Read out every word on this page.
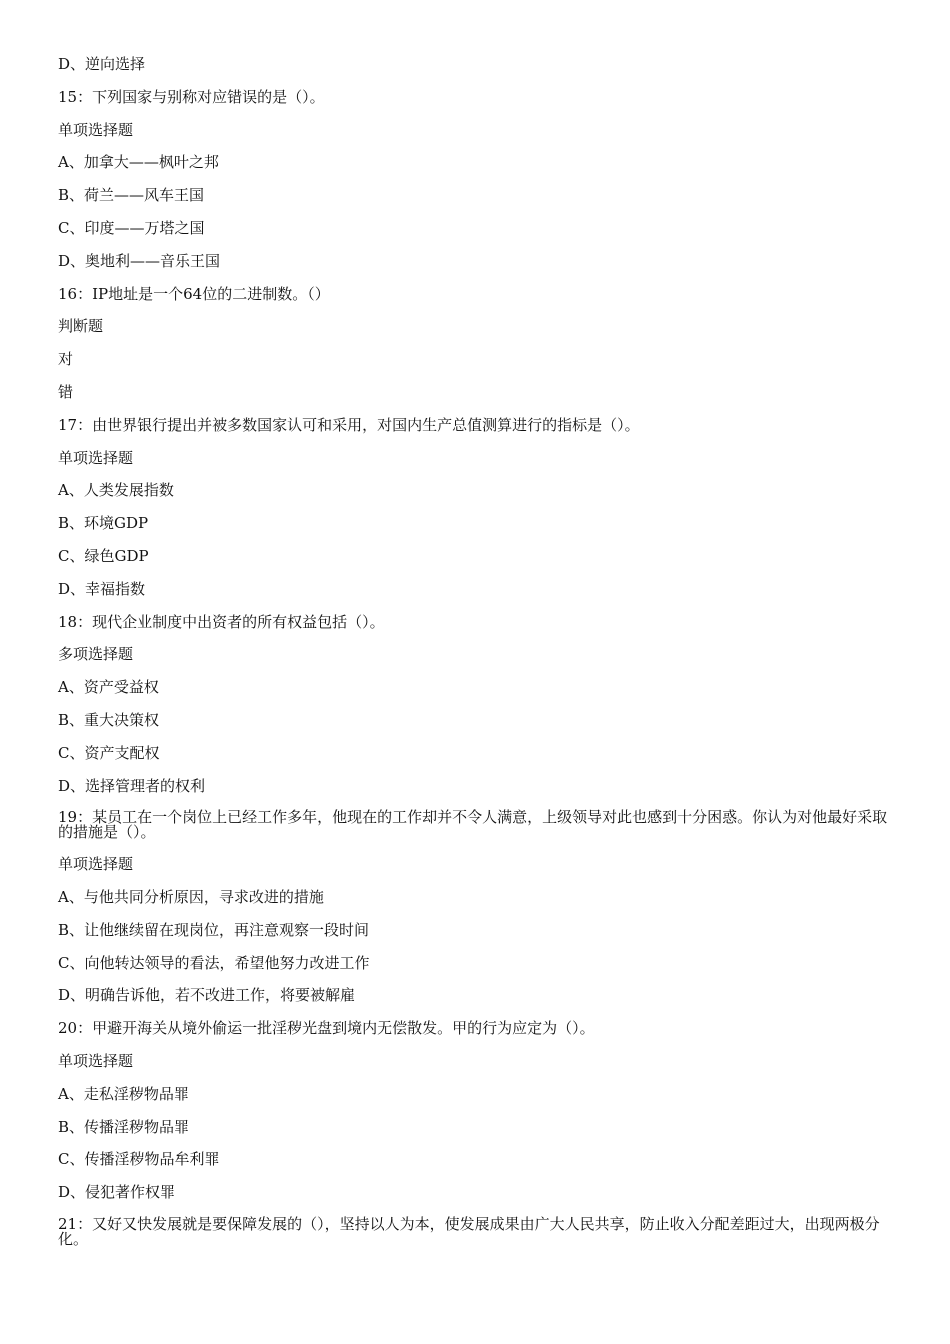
D、逆向选择
15：下列国家与别称对应错误的是（）。
单项选择题
A、加拿大——枫叶之邦
B、荷兰——风车王国
C、印度——万塔之国
D、奥地利——音乐王国
16：IP地址是一个64位的二进制数。（）
判断题
对
错
17：由世界银行提出并被多数国家认可和采用，对国内生产总值测算进行的指标是（）。
单项选择题
A、人类发展指数
B、环境GDP
C、绿色GDP
D、幸福指数
18：现代企业制度中出资者的所有权益包括（）。
多项选择题
A、资产受益权
B、重大决策权
C、资产支配权
D、选择管理者的权利
19：某员工在一个岗位上已经工作多年，他现在的工作却并不令人满意，上级领导对此也感到十分困惑。你认为对他最好采取的措施是（）。
单项选择题
A、与他共同分析原因，寻求改进的措施
B、让他继续留在现岗位，再注意观察一段时间
C、向他转达领导的看法，希望他努力改进工作
D、明确告诉他，若不改进工作，将要被解雇
20：甲避开海关从境外偷运一批淫秽光盘到境内无偿散发。甲的行为应定为（）。
单项选择题
A、走私淫秽物品罪
B、传播淫秽物品罪
C、传播淫秽物品牟利罪
D、侵犯著作权罪
21：又好又快发展就是要保障发展的（），坚持以人为本，使发展成果由广大人民共享，防止收入分配差距过大，出现两极分化。
